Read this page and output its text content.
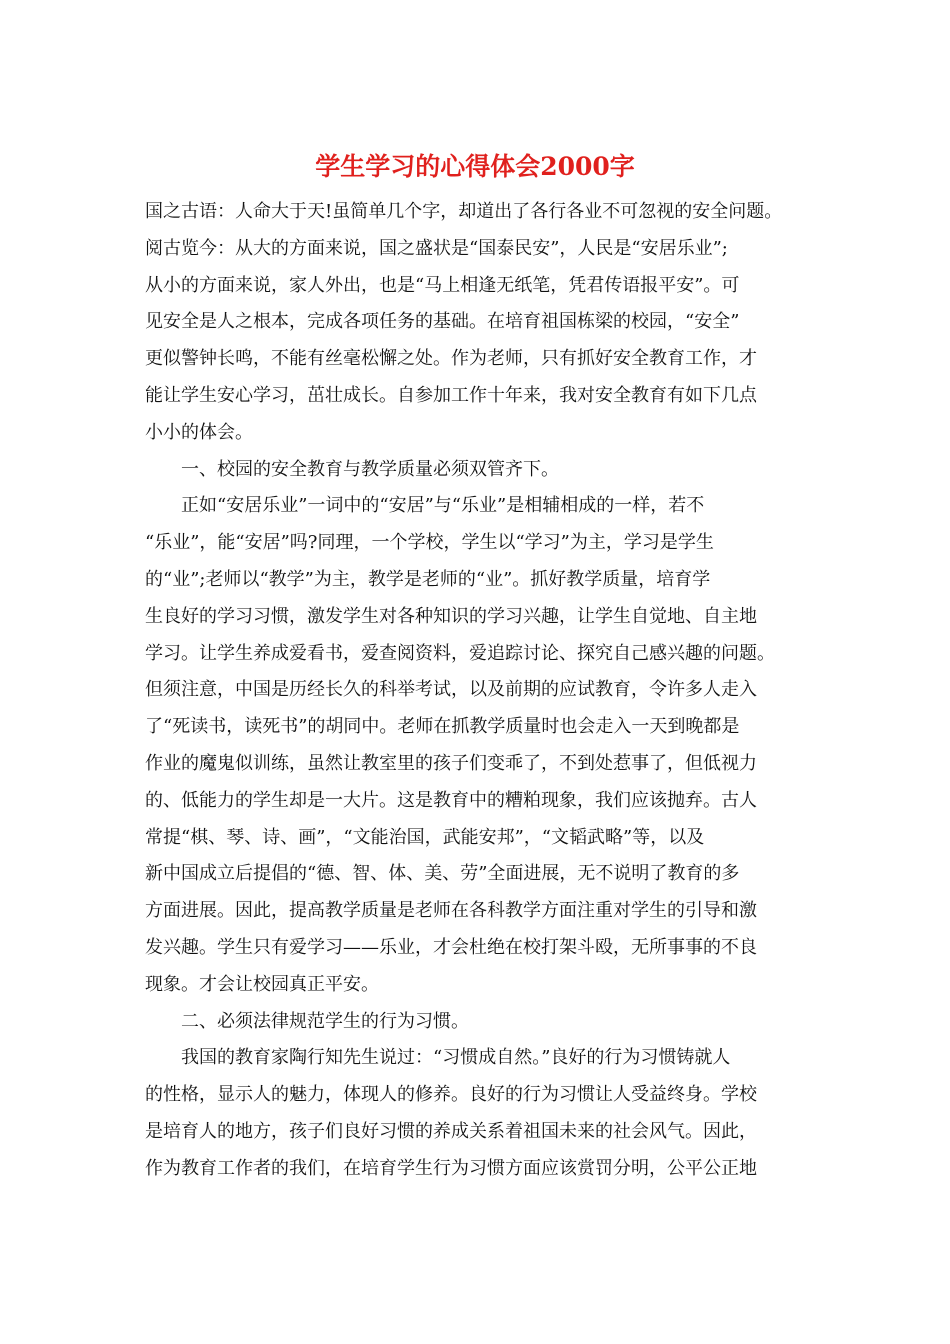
学生学习的心得体会2000字
国之古语：人命大于天!虽简单几个字，却道出了各行各业不可忽视的安全问题。
阅古览今：从大的方面来说，国之盛状是“国泰民安”，人民是“安居乐业”;
从小的方面来说，家人外出，也是“马上相逢无纸笔，凭君传语报平安”。可
见安全是人之根本，完成各项任务的基础。在培育祖国栋梁的校园，“安全”
更似警钟长鸣，不能有丝毫松懈之处。作为老师，只有抓好安全教育工作，才
能让学生安心学习，茁壮成长。自参加工作十年来，我对安全教育有如下几点
小小的体会。
一、校园的安全教育与教学质量必须双管齐下。
正如“安居乐业”一词中的“安居”与“乐业”是相辅相成的一样，若不
“乐业”，能“安居”吗?同理，一个学校，学生以“学习”为主，学习是学生
的“业”;老师以“教学”为主，教学是老师的“业”。抓好教学质量，培育学
生良好的学习习惯，激发学生对各种知识的学习兴趣，让学生自觉地、自主地
学习。让学生养成爱看书，爱查阅资料，爱追踪讨论、探究自己感兴趣的问题。
但须注意，中国是历经长久的科举考试，以及前期的应试教育，令许多人走入
了“死读书，读死书”的胡同中。老师在抓教学质量时也会走入一天到晚都是
作业的魔鬼似训练，虽然让教室里的孩子们变乖了，不到处惹事了，但低视力
的、低能力的学生却是一大片。这是教育中的糟粕现象，我们应该抛弃。古人
常提“棋、琴、诗、画”，“文能治国，武能安邦”，“文韬武略”等，以及
新中国成立后提倡的“德、智、体、美、劳”全面进展，无不说明了教育的多
方面进展。因此，提高教学质量是老师在各科教学方面注重对学生的引导和激
发兴趣。学生只有爱学习——乐业，才会杜绝在校打架斗殴，无所事事的不良
现象。才会让校园真正平安。
二、必须法律规范学生的行为习惯。
我国的教育家陶行知先生说过：“习惯成自然。”良好的行为习惯铸就人
的性格，显示人的魅力，体现人的修养。良好的行为习惯让人受益终身。学校
是培育人的地方，孩子们良好习惯的养成关系着祖国未来的社会风气。因此，
作为教育工作者的我们，在培育学生行为习惯方面应该赏罚分明，公平公正地
